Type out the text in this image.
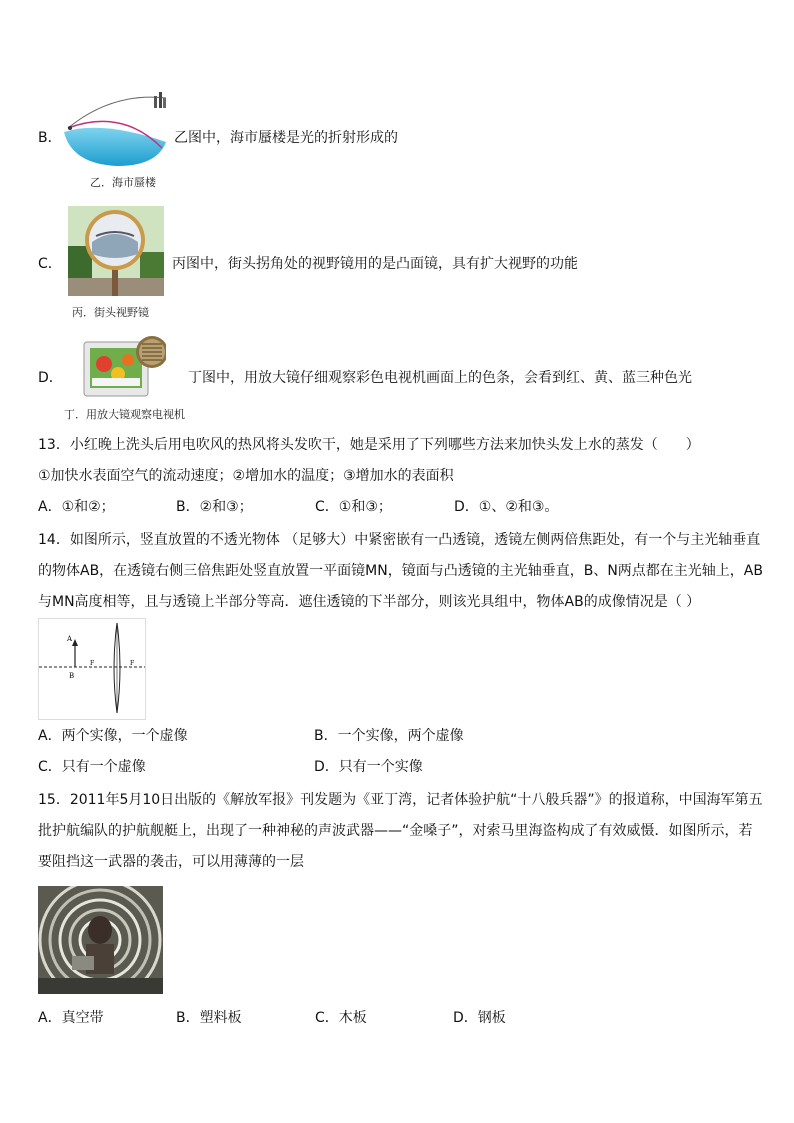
B．
乙．海市蜃楼
乙图中，海市蜃楼是光的折射形成的
C．
丙．街头视野镜
丙图中，街头拐角处的视野镜用的是凸面镜，具有扩大视野的功能
D．
丁．用放大镜观察电视机
丁图中，用放大镜仔细观察彩色电视机画面上的色条，会看到红、黄、蓝三种色光
13．小红晚上洗头后用电吹风的热风将头发吹干，她是采用了下列哪些方法来加快头发上水的蒸发（　　）
①加快水表面空气的流动速度；②增加水的温度；③增加水的表面积
A．①和②；	B．②和③；	C．①和③；	D．①、②和③。
14．如图所示，竖直放置的不透光物体 （足够大）中紧密嵌有一凸透镜，透镜左侧两倍焦距处，有一个与主光轴垂直
的物体AB，在透镜右侧三倍焦距处竖直放置一平面镜MN，镜面与凸透镜的主光轴垂直，B、N两点都在主光轴上，AB
与MN高度相等，且与透镜上半部分等高．遮住透镜的下半部分，则该光具组中，物体AB的成像情况是（ ）
A
B
F	F
A．两个实像，一个虚像	B．一个实像，两个虚像
C．只有一个虚像	D．只有一个实像
15．2011年5月10日出版的《解放军报》刊发题为《亚丁湾，记者体验护航“十八般兵器”》的报道称，中国海军第五
批护航编队的护航舰艇上，出现了一种神秘的声波武器——“金嗓子”，对索马里海盗构成了有效威慑．如图所示，若
要阻挡这一武器的袭击，可以用薄薄的一层
A．真空带	B．塑料板	C．木板	D．钢板
